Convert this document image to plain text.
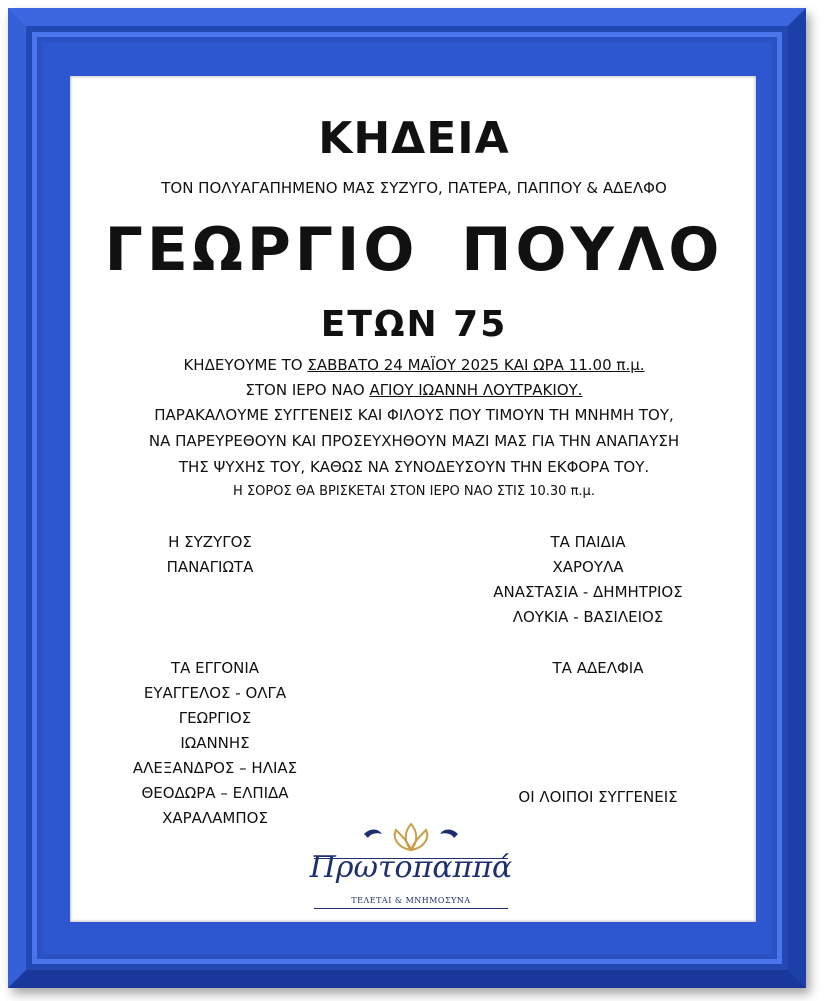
ΚΗΔΕΙΑ
ΤΟΝ ΠΟΛΥΑΓΑΠΗΜΕΝΟ ΜΑΣ ΣΥΖΥΓΟ, ΠΑΤΕΡΑ, ΠΑΠΠΟΥ & ΑΔΕΛΦΟ
ΓΕΩΡΓΙΟ ΠΟΥΛΟ
ΕΤΩΝ 75
ΚΗΔΕΥΟΥΜΕ ΤΟ ΣΑΒΒΑΤΟ 24 ΜΑΪΟΥ 2025 ΚΑΙ ΩΡΑ 11.00 π.μ.
ΣΤΟΝ ΙΕΡΟ ΝΑΟ ΑΓΙΟΥ ΙΩΑΝΝΗ ΛΟΥΤΡΑΚΙΟΥ.
ΠΑΡΑΚΑΛΟΥΜΕ ΣΥΓΓΕΝΕΙΣ ΚΑΙ ΦΙΛΟΥΣ ΠΟΥ ΤΙΜΟΥΝ ΤΗ ΜΝΗΜΗ ΤΟΥ,
ΝΑ ΠΑΡΕΥΡΕΘΟΥΝ ΚΑΙ ΠΡΟΣΕΥΧΗΘΟΥΝ ΜΑΖΙ ΜΑΣ ΓΙΑ ΤΗΝ ΑΝΑΠΑΥΣΗ
ΤΗΣ ΨΥΧΗΣ ΤΟΥ, ΚΑΘΩΣ ΝΑ ΣΥΝΟΔΕΥΣΟΥΝ ΤΗΝ ΕΚΦΟΡΑ ΤΟΥ.
Η ΣΟΡΟΣ ΘΑ ΒΡΙΣΚΕΤΑΙ ΣΤΟΝ ΙΕΡΟ ΝΑΟ ΣΤΙΣ 10.30 π.μ.
Η ΣΥΖΥΓΟΣ
ΠΑΝΑΓΙΩΤΑ
ΤΑ ΠΑΙΔΙΑ
ΧΑΡΟΥΛΑ
ΑΝΑΣΤΑΣΙΑ - ΔΗΜΗΤΡΙΟΣ
ΛΟΥΚΙΑ - ΒΑΣΙΛΕΙΟΣ
ΤΑ ΕΓΓΟΝΙΑ
ΕΥΑΓΓΕΛΟΣ - ΟΛΓΑ
ΓΕΩΡΓΙΟΣ
ΙΩΑΝΝΗΣ
ΑΛΕΞΑΝΔΡΟΣ – ΗΛΙΑΣ
ΘΕΟΔΩΡΑ – ΕΛΠΙΔΑ
ΧΑΡΑΛΑΜΠΟΣ
ΤΑ ΑΔΕΛΦΙΑ
ΟΙ ΛΟΙΠΟΙ ΣΥΓΓΕΝΕΙΣ
Πρωτοπαππά
ΤΕΛΕΤΑΙ & ΜΝΗΜΟΣΥΝΑ
